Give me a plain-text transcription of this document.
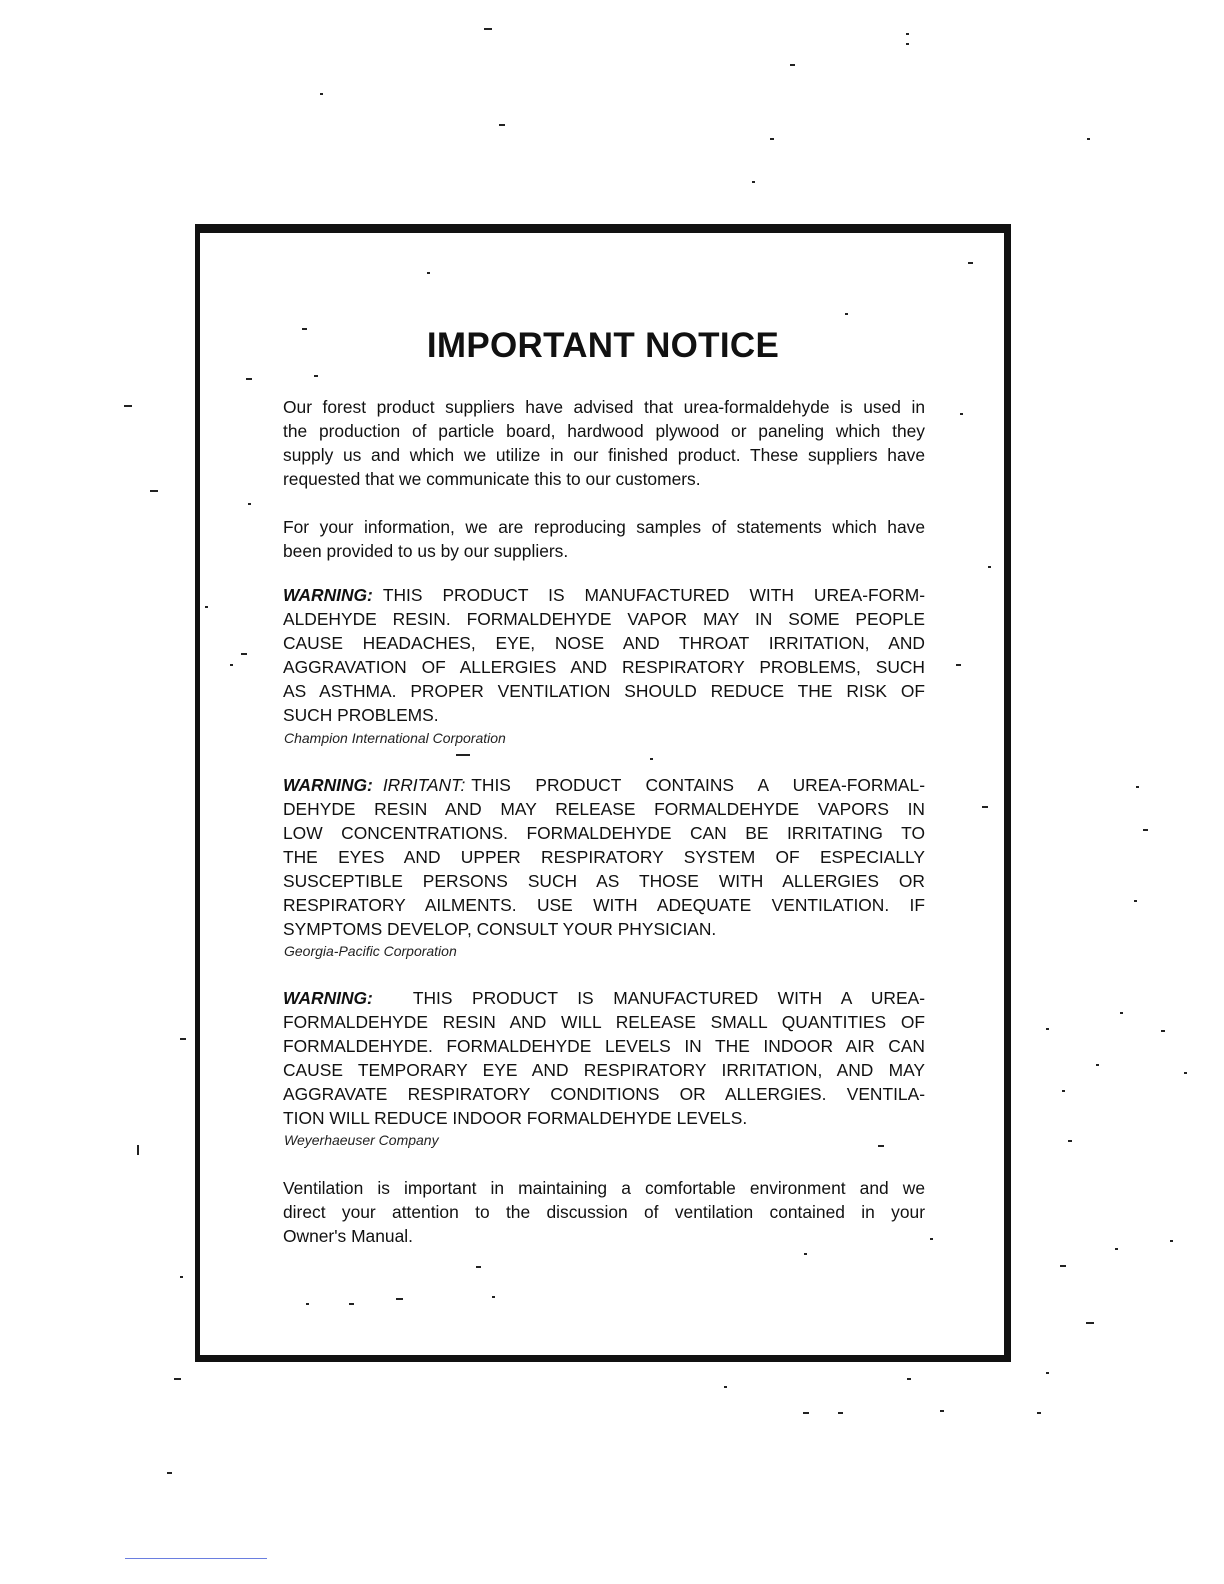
IMPORTANT NOTICE
Our forest product suppliers have advised that urea-formaldehyde is used in
the production of particle board, hardwood plywood or paneling which they
supply us and which we utilize in our finished product. These suppliers have
requested that we communicate this to our customers.
For your information, we are reproducing samples of statements which have
been provided to us by our suppliers.
WARNING: THIS PRODUCT IS MANUFACTURED WITH UREA-FORM-
ALDEHYDE RESIN. FORMALDEHYDE VAPOR MAY IN SOME PEOPLE
CAUSE HEADACHES, EYE, NOSE AND THROAT IRRITATION, AND
AGGRAVATION OF ALLERGIES AND RESPIRATORY PROBLEMS, SUCH
AS ASTHMA. PROPER VENTILATION SHOULD REDUCE THE RISK OF
SUCH PROBLEMS.
Champion International Corporation
WARNING: IRRITANT: THIS PRODUCT CONTAINS A UREA-FORMAL-
DEHYDE RESIN AND MAY RELEASE FORMALDEHYDE VAPORS IN
LOW CONCENTRATIONS. FORMALDEHYDE CAN BE IRRITATING TO
THE EYES AND UPPER RESPIRATORY SYSTEM OF ESPECIALLY
SUSCEPTIBLE PERSONS SUCH AS THOSE WITH ALLERGIES OR
RESPIRATORY AILMENTS. USE WITH ADEQUATE VENTILATION. IF
SYMPTOMS DEVELOP, CONSULT YOUR PHYSICIAN.
Georgia-Pacific Corporation
WARNING: THIS PRODUCT IS MANUFACTURED WITH A UREA-
FORMALDEHYDE RESIN AND WILL RELEASE SMALL QUANTITIES OF
FORMALDEHYDE. FORMALDEHYDE LEVELS IN THE INDOOR AIR CAN
CAUSE TEMPORARY EYE AND RESPIRATORY IRRITATION, AND MAY
AGGRAVATE RESPIRATORY CONDITIONS OR ALLERGIES. VENTILA-
TION WILL REDUCE INDOOR FORMALDEHYDE LEVELS.
Weyerhaeuser Company
Ventilation is important in maintaining a comfortable environment and we
direct your attention to the discussion of ventilation contained in your
Owner's Manual.
